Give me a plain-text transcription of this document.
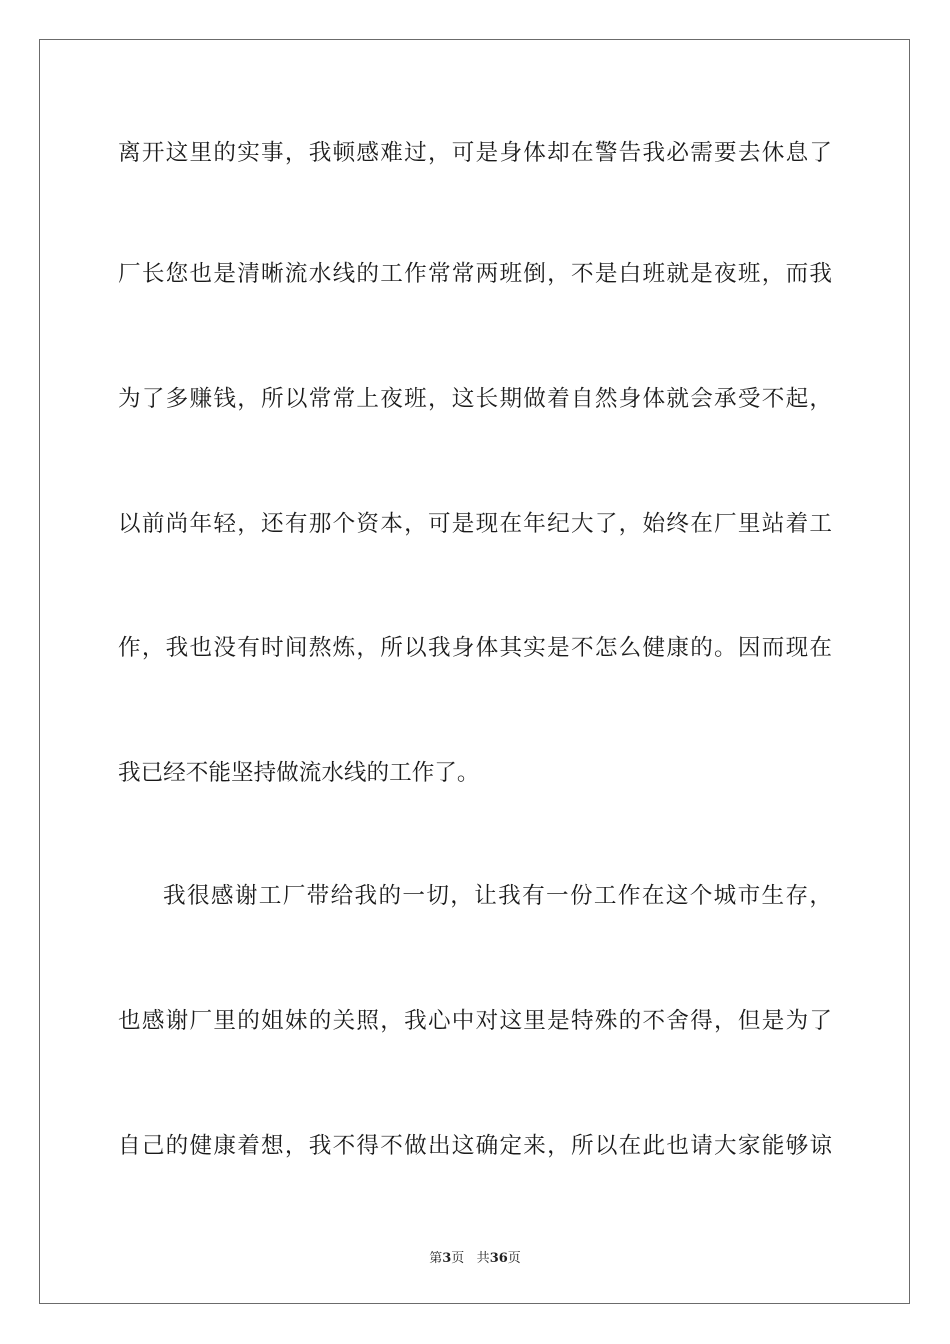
离开这里的实事，我顿感难过，可是身体却在警告我必需要去休息了
厂长您也是清晰流水线的工作常常两班倒，不是白班就是夜班，而我
为了多赚钱，所以常常上夜班，这长期做着自然身体就会承受不起，
以前尚年轻，还有那个资本，可是现在年纪大了，始终在厂里站着工
作，我也没有时间熬炼，所以我身体其实是不怎么健康的。因而现在
我已经不能坚持做流水线的工作了。
我很感谢工厂带给我的一切，让我有一份工作在这个城市生存，
也感谢厂里的姐妹的关照，我心中对这里是特殊的不舍得，但是为了
自己的健康着想，我不得不做出这确定来，所以在此也请大家能够谅
第3页 共36页
